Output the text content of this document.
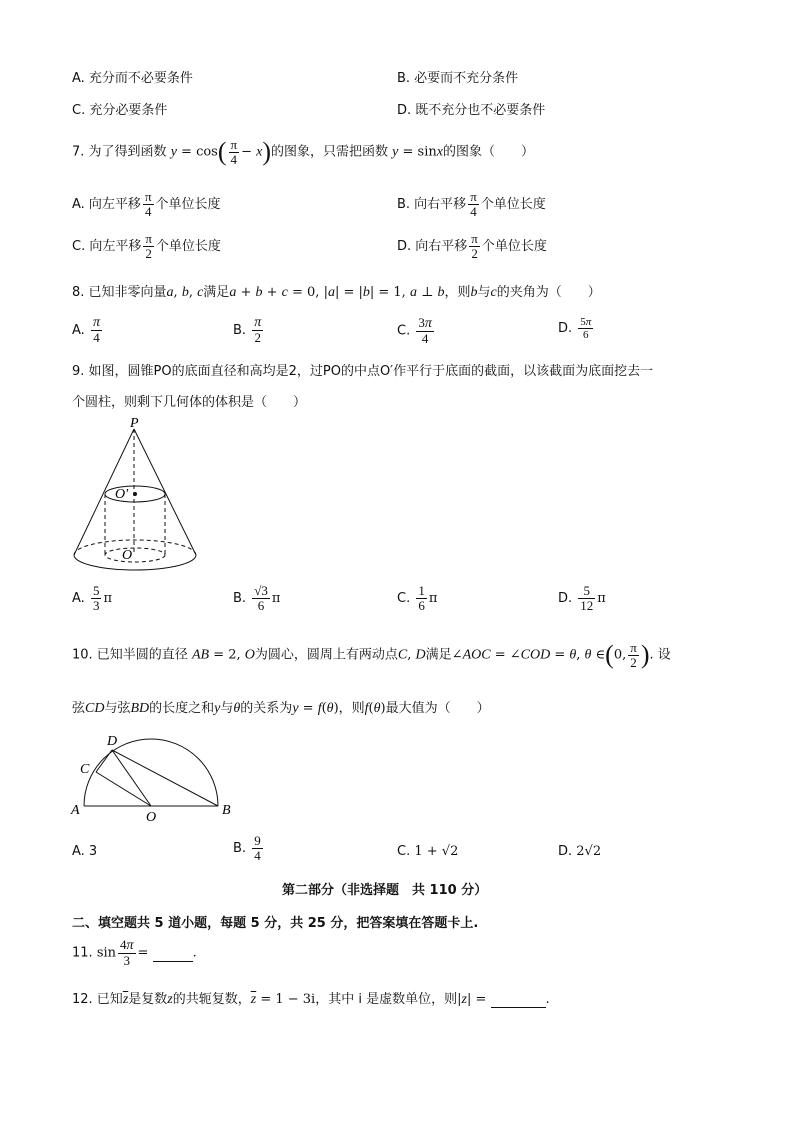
A. 充分而不必要条件	B. 必要而不充分条件
C. 充分必要条件	D. 既不充分也不必要条件
7. 为了得到函数 $y = \cos( \frac{\pi}{4} - x)$的图象，只需把函数 y = sinx的图象（　　）
A. 向左平移 $\frac{\pi}{4}$ 个单位长度	B. 向右平移 $\frac{\pi}{4}$ 个单位长度
C. 向左平移 $\frac{\pi}{2}$ 个单位长度	D. 向右平移 $\frac{\pi}{2}$ 个单位长度
8. 已知非零向量a, b, c满足a + b + c = 0, |a| = |b| = 1, a ⊥ b，则b与c的夹角为（　　）
A. $\frac{\pi}{4}$	B. $\frac{\pi}{2}$	C. $\frac{3\pi}{4}$	D. $\frac{5\pi}{6}$
9. 如图，圆锥PO的底面直径和高均是2，过PO的中点O′作平行于底面的截面，以该截面为底面挖去一
个圆柱，则剩下几何体的体积是（　　）
P
O′
O
A. $\frac{5}{3}$ π	B. $\frac{√3}{6}$ π	C. $\frac{1}{6}$ π	D. $\frac{5}{12}$ π
10. 已知半圆的直径 AB = 2, O为圆心，圆周上有两动点C, D满足∠AOC = ∠COD = θ, θ ∈(0, $\frac{\pi}{2}$ ). 设
弦CD与弦BD的长度之和y与θ的关系为y = f(θ)，则f(θ)最大值为（　　）
A	B
C
D
O
A. 3	B. $\frac{9}{4}$	C. 1 + √2	D. 2√2
第二部分（非选择题　共 110 分）
二、填空题共 5 道小题，每题 5 分，共 25 分，把答案填在答题卡上.
11. $\sin \frac{4\pi}{3}$ =	.
12. 已知$\overline{z}$是复数z的共轭复数，$\overline{z} = 1 - 3i$，其中 i 是虚数单位，则|z| =	.
